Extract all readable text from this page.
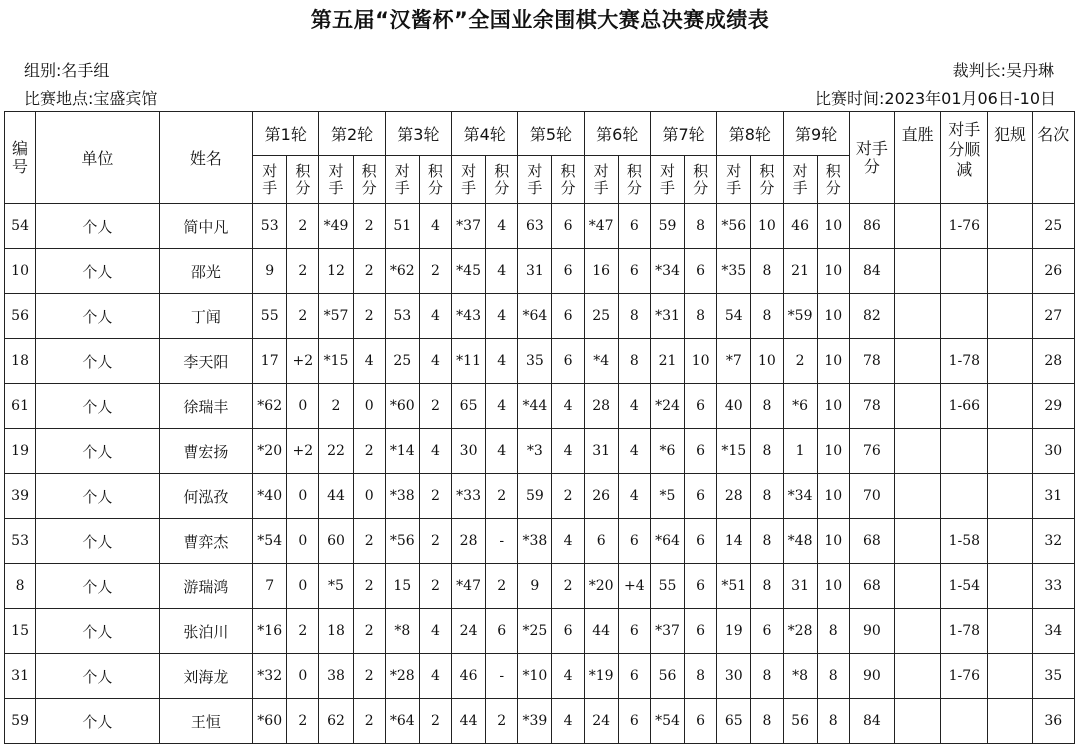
第五届“汉酱杯”全国业余围棋大赛总决赛成绩表
组别:名手组	裁判长:吴丹琳
比赛地点:宝盛宾馆	比赛时间:2023年01月06日-10日
编号	单位	姓名	第1轮		第2轮		第3轮		第4轮		第5轮		第6轮		第7轮		第8轮		第9轮		对手分	直胜	对手分顺减	犯规	名次
			对手	积分	对手	积分	对手	积分	对手	积分	对手	积分	对手	积分	对手	积分	对手	积分	对手	积分					
54	个人	简中凡	53	2	*49	2	51	4	*37	4	63	6	*47	6	59	8	*56	10	46	10	86		1-76		25
10	个人	邵光	9	2	12	2	*62	2	*45	4	31	6	16	6	*34	6	*35	8	21	10	84				26
56	个人	丁闻	55	2	*57	2	53	4	*43	4	*64	6	25	8	*31	8	54	8	*59	10	82				27
18	个人	李天阳	17	+2	*15	4	25	4	*11	4	35	6	*4	8	21	10	*7	10	2	10	78		1-78		28
61	个人	徐瑞丰	*62	0	2	0	*60	2	65	4	*44	4	28	4	*24	6	40	8	*6	10	78		1-66		29
19	个人	曹宏扬	*20	+2	22	2	*14	4	30	4	*3	4	31	4	*6	6	*15	8	1	10	76				30
39	个人	何泓孜	*40	0	44	0	*38	2	*33	2	59	2	26	4	*5	6	28	8	*34	10	70				31
53	个人	曹弈杰	*54	0	60	2	*56	2	28	-	*38	4	6	6	*64	6	14	8	*48	10	68		1-58		32
8	个人	游瑞鸿	7	0	*5	2	15	2	*47	2	9	2	*20	+4	55	6	*51	8	31	10	68		1-54		33
15	个人	张泊川	*16	2	18	2	*8	4	24	6	*25	6	44	6	*37	6	19	6	*28	8	90		1-78		34
31	个人	刘海龙	*32	0	38	2	*28	4	46	-	*10	4	*19	6	56	8	30	8	*8	8	90		1-76		35
59	个人	王恒	*60	2	62	2	*64	2	44	2	*39	4	24	6	*54	6	65	8	56	8	84				36
